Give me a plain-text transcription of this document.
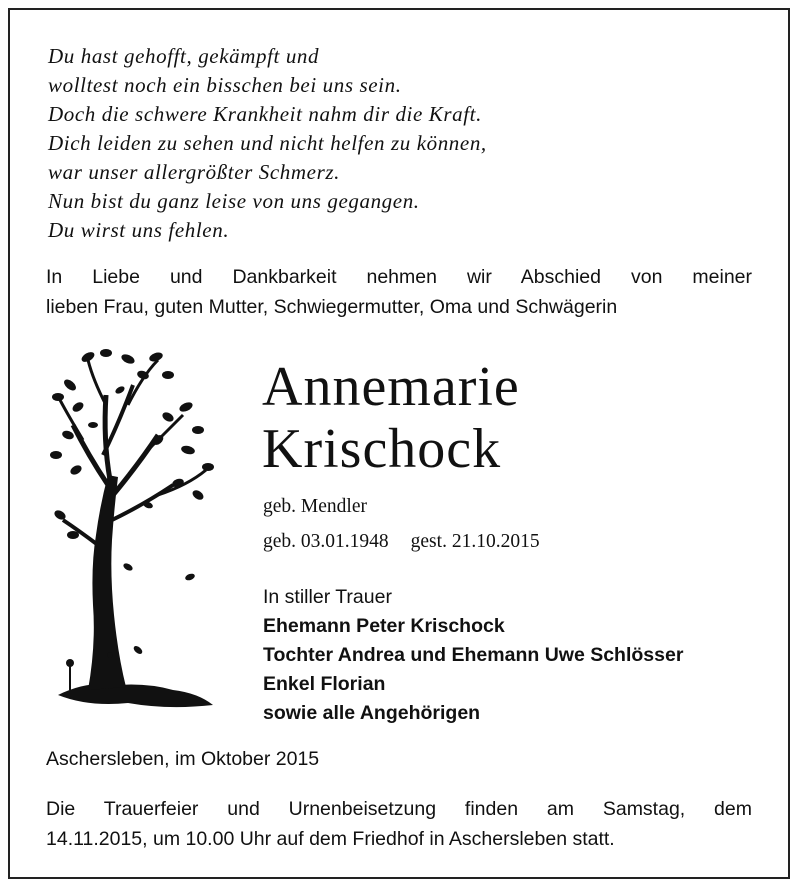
Du hast gehofft, gekämpft und
wolltest noch ein bisschen bei uns sein.
Doch die schwere Krankheit nahm dir die Kraft.
Dich leiden zu sehen und nicht helfen zu können,
war unser allergrößter Schmerz.
Nun bist du ganz leise von uns gegangen.
Du wirst uns fehlen.
In Liebe und Dankbarkeit nehmen wir Abschied von meiner
lieben Frau, guten Mutter, Schwiegermutter, Oma und Schwägerin
Annemarie
Krischock
geb. Mendler
geb. 03.01.1948 gest. 21.10.2015
In stiller Trauer
Ehemann Peter Krischock
Tochter Andrea und Ehemann Uwe Schlösser
Enkel Florian
sowie alle Angehörigen
Aschersleben, im Oktober 2015
Die Trauerfeier und Urnenbeisetzung finden am Samstag, dem
14.11.2015, um 10.00 Uhr auf dem Friedhof in Aschersleben statt.
